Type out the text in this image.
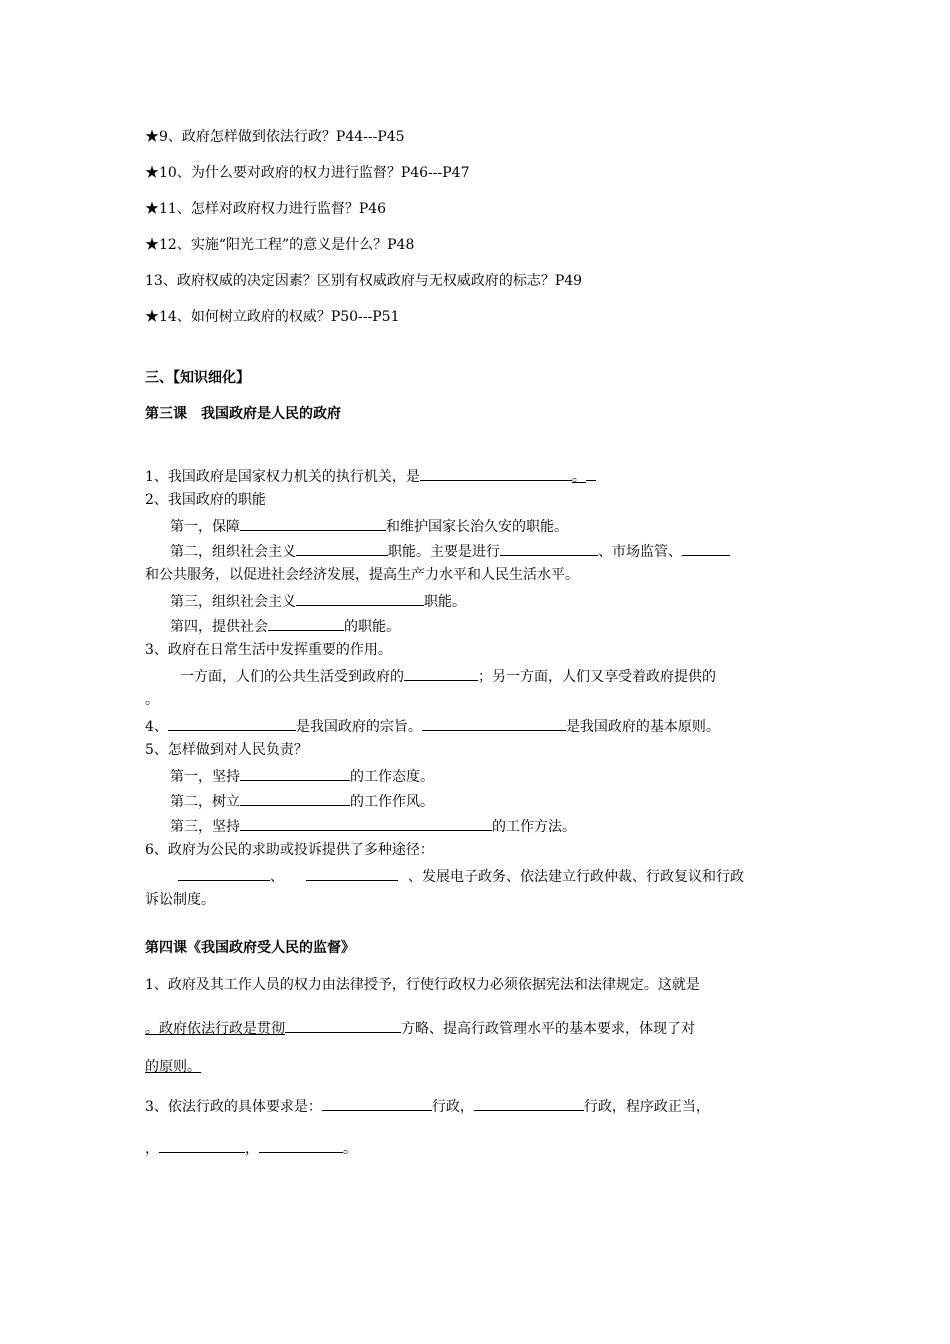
★9、政府怎样做到依法行政？P44---P45
★10、为什么要对政府的权力进行监督？P46---P47
★11、怎样对政府权力进行监督？P46
★12、实施“阳光工程”的意义是什么？P48
13、政府权威的决定因素？区别有权威政府与无权威政府的标志？P49
★14、如何树立政府的权威？P50---P51
三、【知识细化】
第三课　我国政府是人民的政府
1、我国政府是国家权力机关的执行机关，是	。
2、我国政府的职能
第一，保障	和维护国家长治久安的职能。
第二，组织社会主义	职能。主要是进行	、市场监管、
和公共服务，以促进社会经济发展，提高生产力水平和人民生活水平。
第三，组织社会主义	职能。
第四，提供社会	的职能。
3、政府在日常生活中发挥重要的作用。
一方面，人们的公共生活受到政府的	；另一方面，人们又享受着政府提供的
。
4、	是我国政府的宗旨。	是我国政府的基本原则。
5、怎样做到对人民负责？
第一，坚持	的工作态度。
第二，树立	的工作作风。
第三，坚持	的工作方法。
6、政府为公民的求助或投诉提供了多种途径：
、	、发展电子政务、依法建立行政仲裁、行政复议和行政
诉讼制度。
第四课《我国政府受人民的监督》
1、政府及其工作人员的权力由法律授予，行使行政权力必须依据宪法和法律规定。这就是
。政府依法行政是贯彻	方略、提高行政管理水平的基本要求，体现了对
的原则。
3、依法行政的具体要求是：	行政，	行政，程序政正当，
，	，	。
